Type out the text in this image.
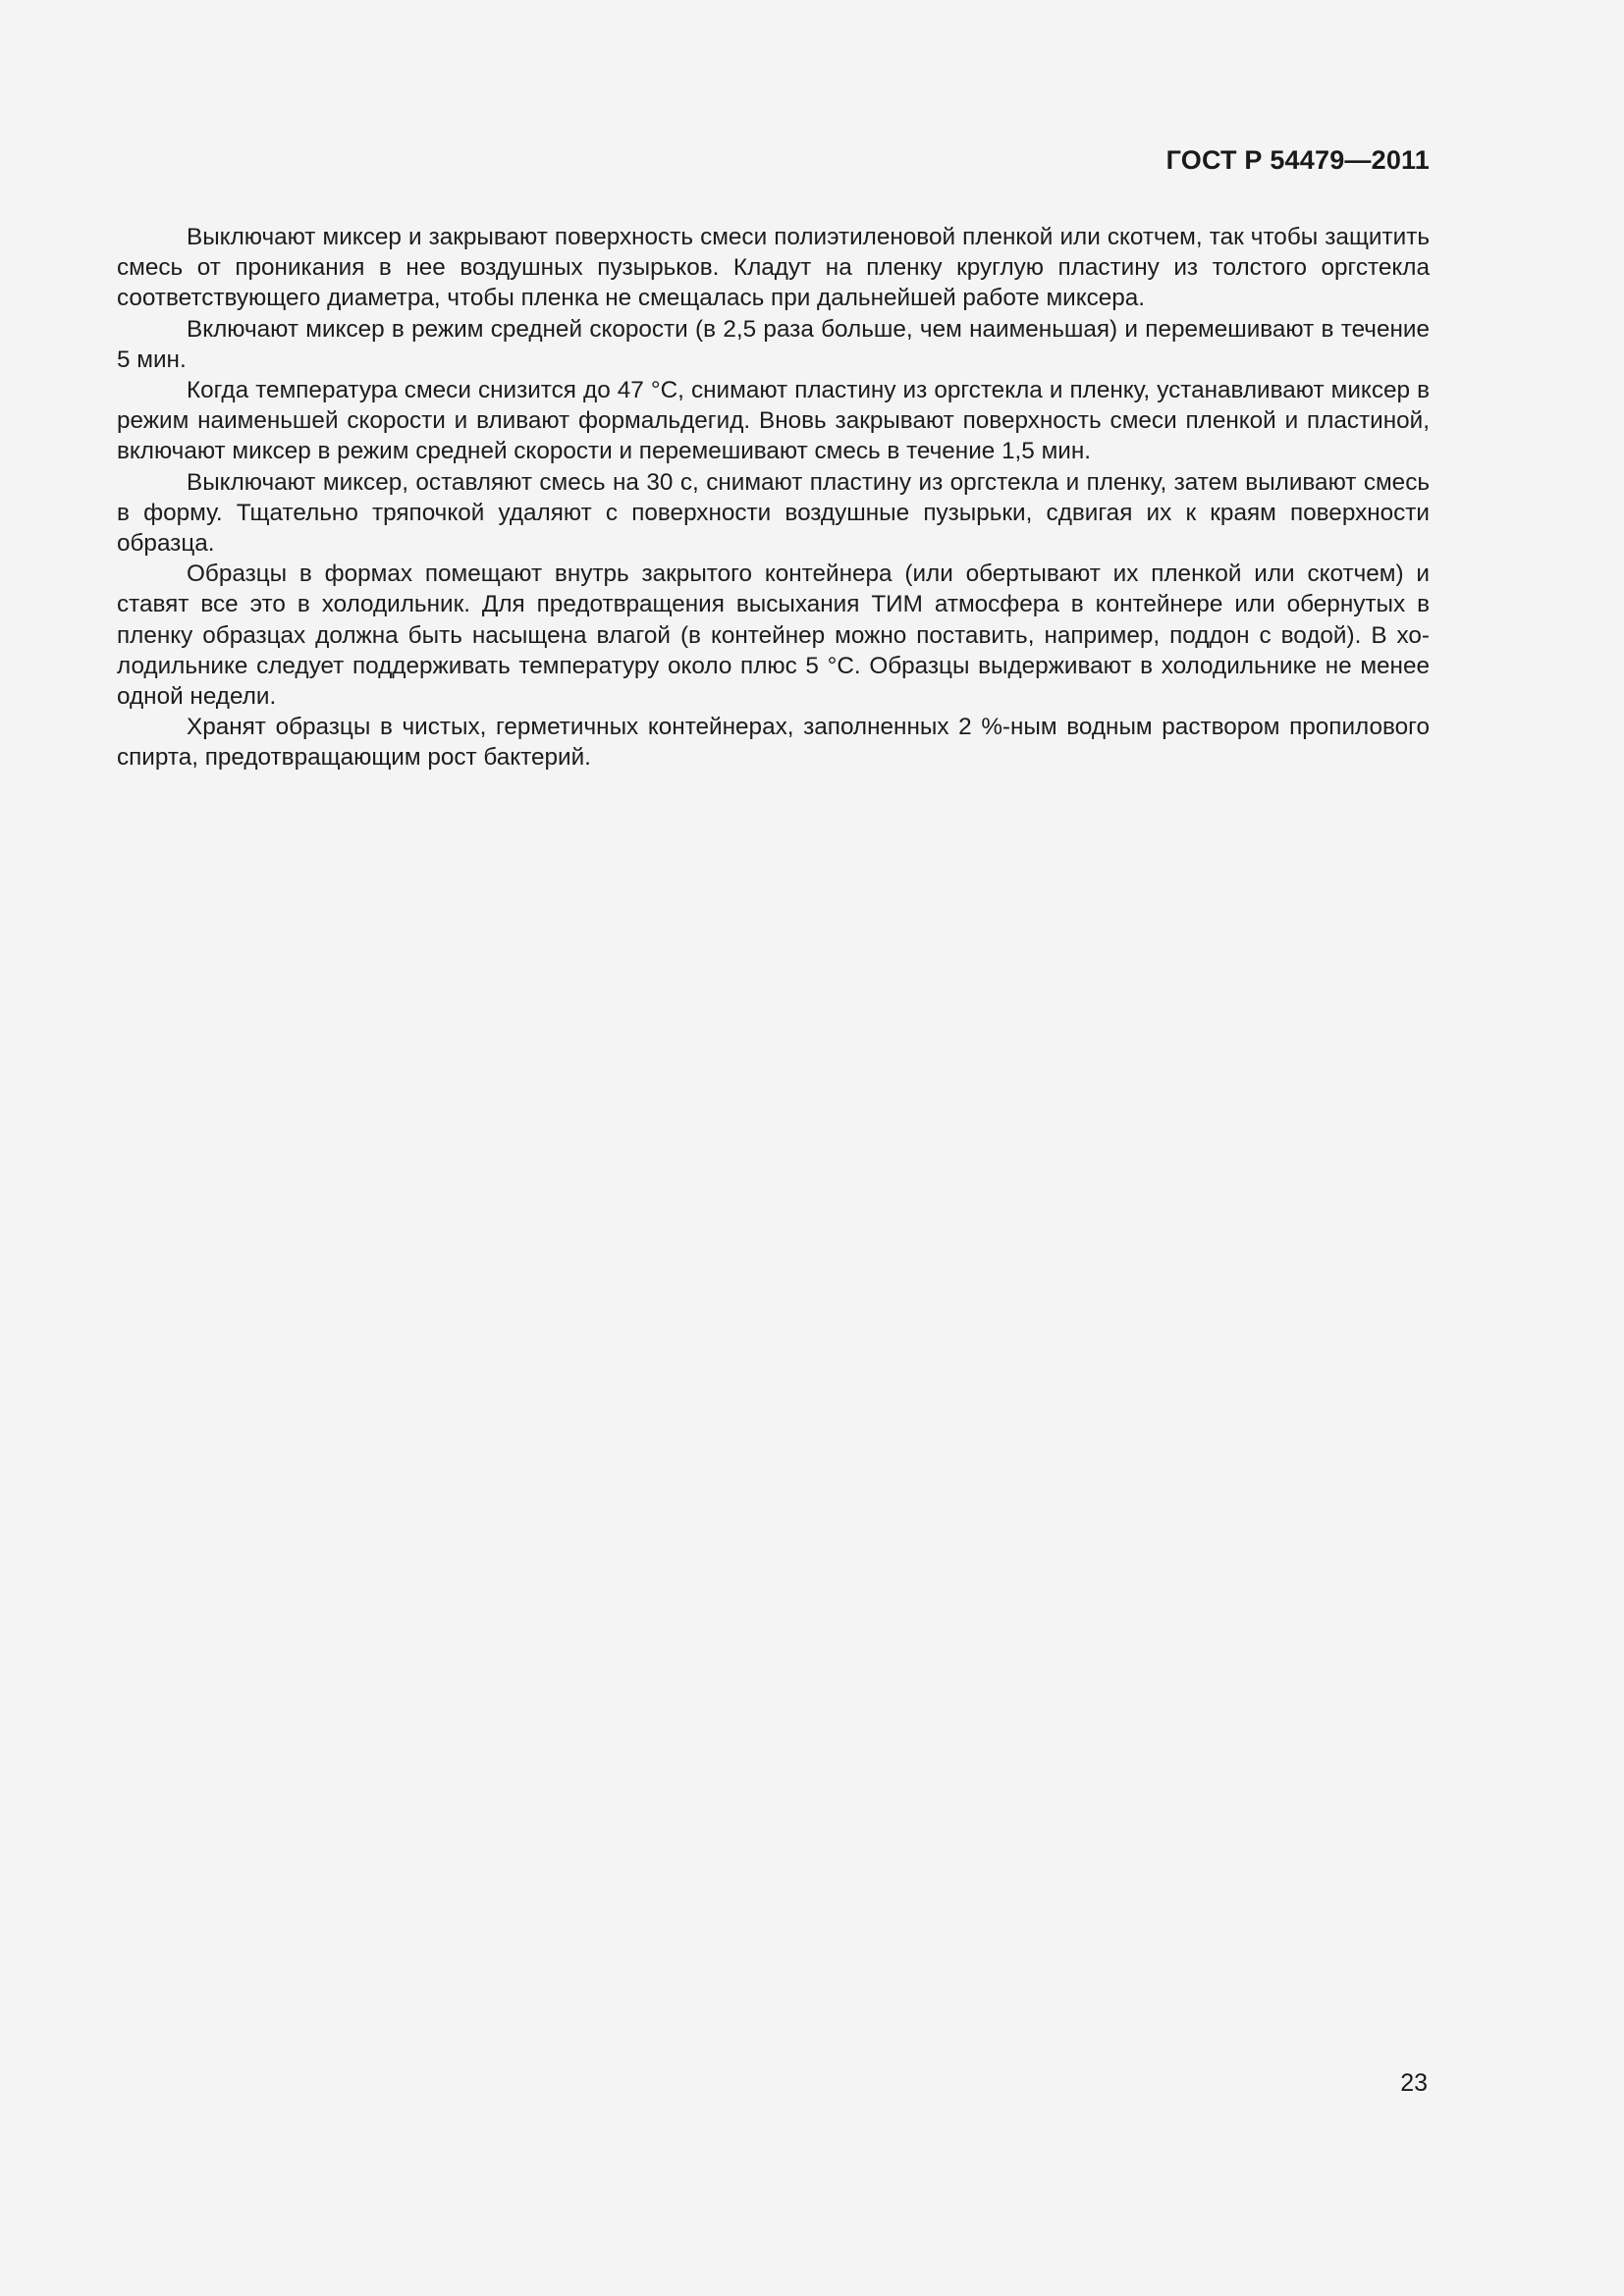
ГОСТ Р 54479—2011

Выключают миксер и закрывают поверхность смеси полиэтиленовой пленкой или скотчем, так чтобы защитить смесь от проникания в нее воздушных пузырьков. Кладут на пленку круглую пластину из толстого оргстекла соответствующего диаметра, чтобы пленка не смещалась при дальнейшей работе миксера.

Включают миксер в режим средней скорости (в 2,5 раза больше, чем наименьшая) и перемешивают в течение 5 мин.

Когда температура смеси снизится до 47 °C, снимают пластину из оргстекла и пленку, устанавливают миксер в режим наименьшей скорости и вливают формальдегид. Вновь закрывают поверхность смеси пленкой и пластиной, включают миксер в режим средней скорости и перемешивают смесь в течение 1,5 мин.

Выключают миксер, оставляют смесь на 30 с, снимают пластину из оргстекла и пленку, затем выливают смесь в форму. Тщательно тряпочкой удаляют с поверхности воздушные пузырьки, сдвигая их к краям поверхности образца.

Образцы в формах помещают внутрь закрытого контейнера (или обертывают их пленкой или скотчем) и ставят все это в холодильник. Для предотвращения высыхания ТИМ атмосфера в контейнере или обернутых в пленку образцах должна быть насыщена влагой (в контейнер можно поставить, например, поддон с водой). В холодильнике следует поддерживать температуру около плюс 5 °C. Образцы выдерживают в холодильнике не менее одной недели.

Хранят образцы в чистых, герметичных контейнерах, заполненных 2 %-ным водным раствором пропилового спирта, предотвращающим рост бактерий.

23
